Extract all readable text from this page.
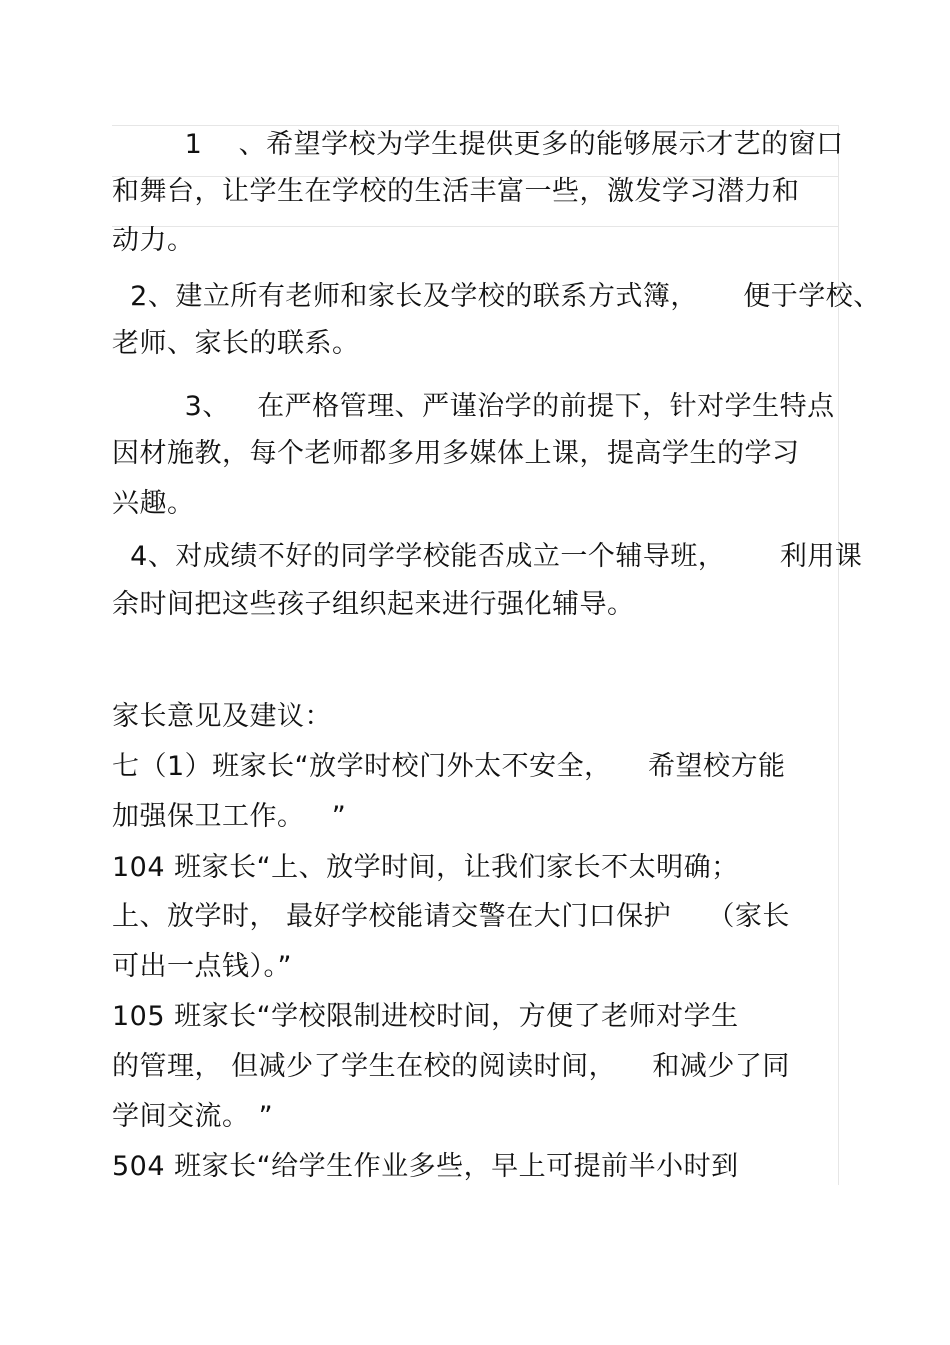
1    、希望学校为学生提供更多的能够展示才艺的窗口
和舞台，让学生在学校的生活丰富一些，激发学习潜力和
动力。
2、建立所有老师和家长及学校的联系方式簿，     便于学校、
老师、家长的联系。
3、   在严格管理、严谨治学的前提下，针对学生特点
因材施教，每个老师都多用多媒体上课，提高学生的学习
兴趣。
4、对成绩不好的同学学校能否成立一个辅导班，      利用课
余时间把这些孩子组织起来进行强化辅导。
家长意见及建议：
七（1）班家长“放学时校门外太不安全，    希望校方能
加强保卫工作。   ”
104 班家长“上、放学时间，让我们家长不太明确；
上、放学时， 最好学校能请交警在大门口保护    （家长
可出一点钱）。”
105 班家长“学校限制进校时间，方便了老师对学生
的管理， 但减少了学生在校的阅读时间，    和减少了同
学间交流。 ”
504 班家长“给学生作业多些，早上可提前半小时到
